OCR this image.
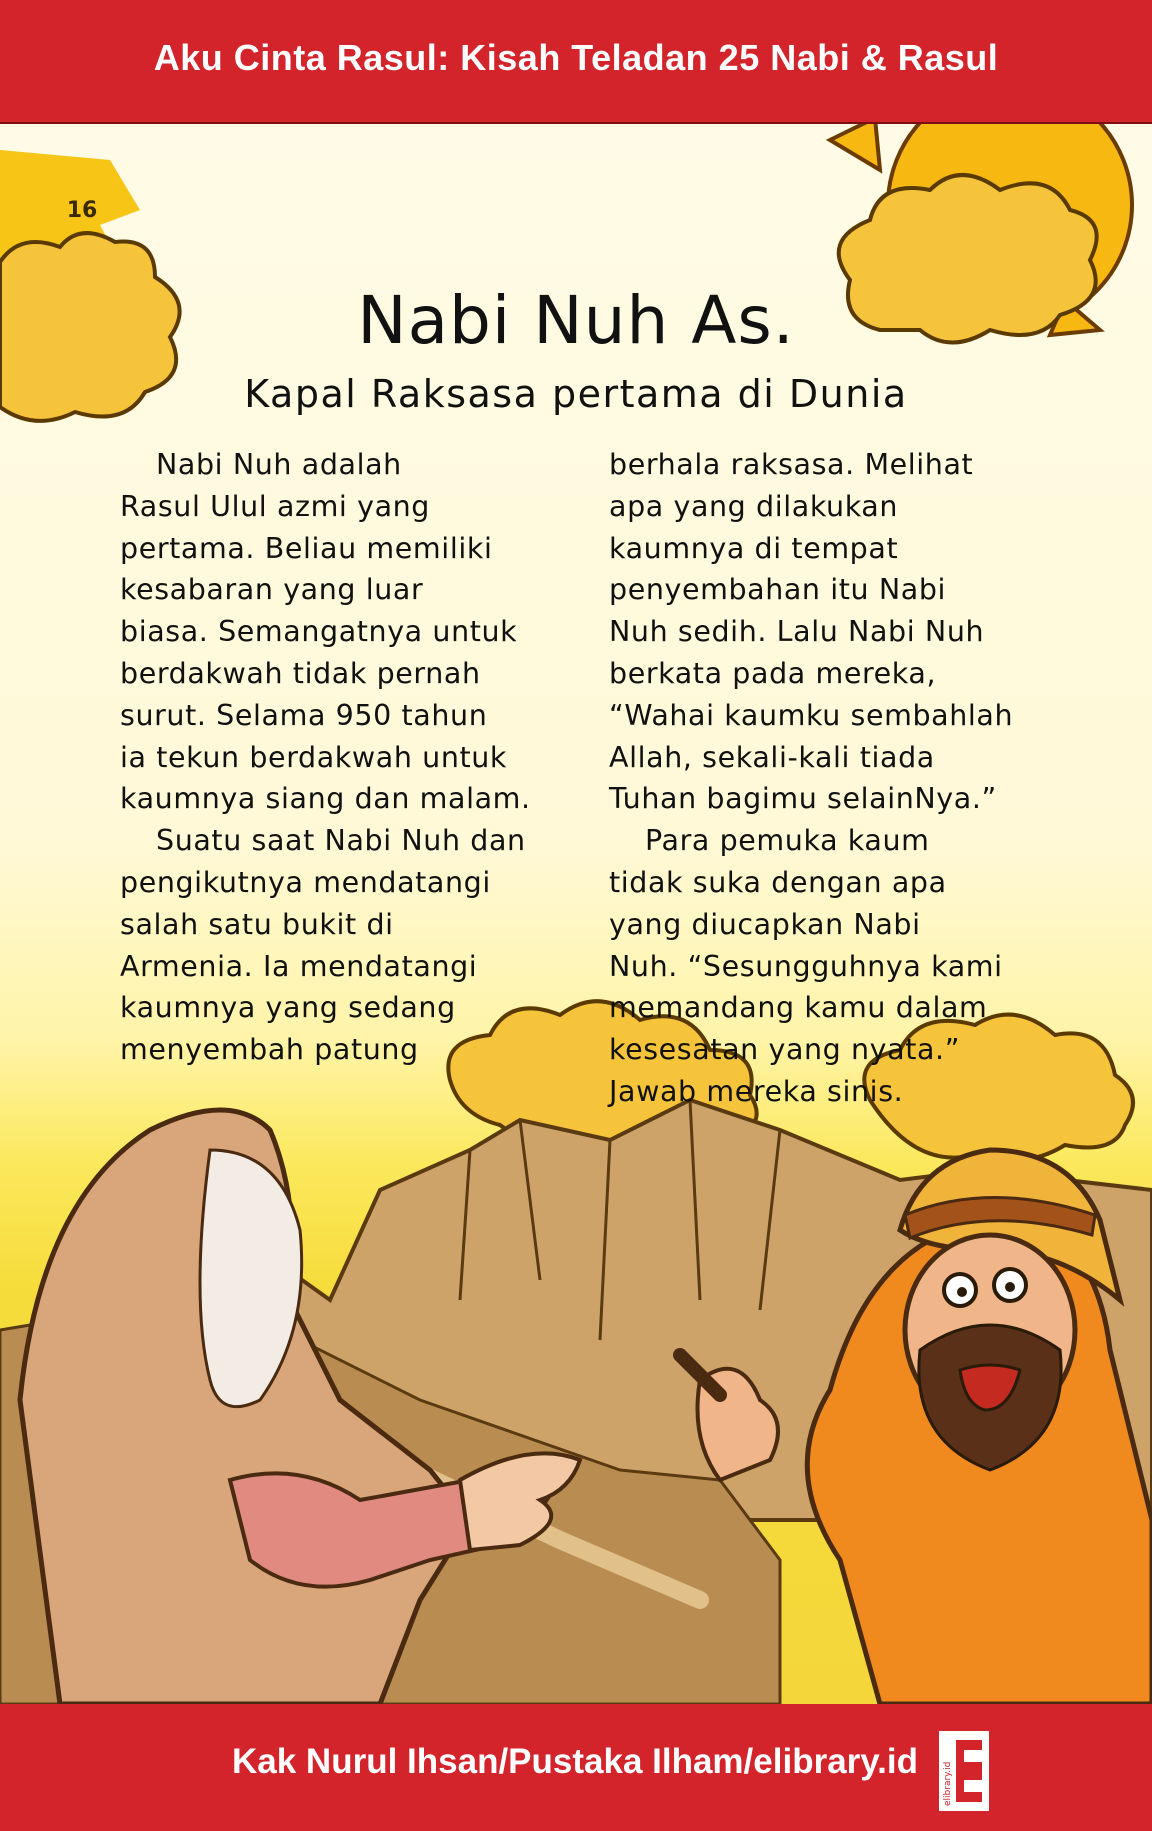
Aku Cinta Rasul: Kisah Teladan 25 Nabi & Rasul
16
Nabi Nuh As.
Kapal Raksasa pertama di Dunia
Nabi Nuh adalah
Rasul Ulul azmi yang
pertama. Beliau memiliki
kesabaran yang luar
biasa. Semangatnya untuk
berdakwah tidak pernah
surut. Selama 950 tahun
ia tekun berdakwah untuk
kaumnya siang dan malam.
Suatu saat Nabi Nuh dan
pengikutnya mendatangi
salah satu bukit di
Armenia. Ia mendatangi
kaumnya yang sedang
menyembah patung
berhala raksasa. Melihat
apa yang dilakukan
kaumnya di tempat
penyembahan itu Nabi
Nuh sedih. Lalu Nabi Nuh
berkata pada mereka,
“Wahai kaumku sembahlah
Allah, sekali-kali tiada
Tuhan bagimu selainNya.”
Para pemuka kaum
tidak suka dengan apa
yang diucapkan Nabi
Nuh. “Sesungguhnya kami
memandang kamu dalam
kesesatan yang nyata.”
Jawab mereka sinis.
Kak Nurul Ihsan/Pustaka Ilham/elibrary.id
elibrary.id
